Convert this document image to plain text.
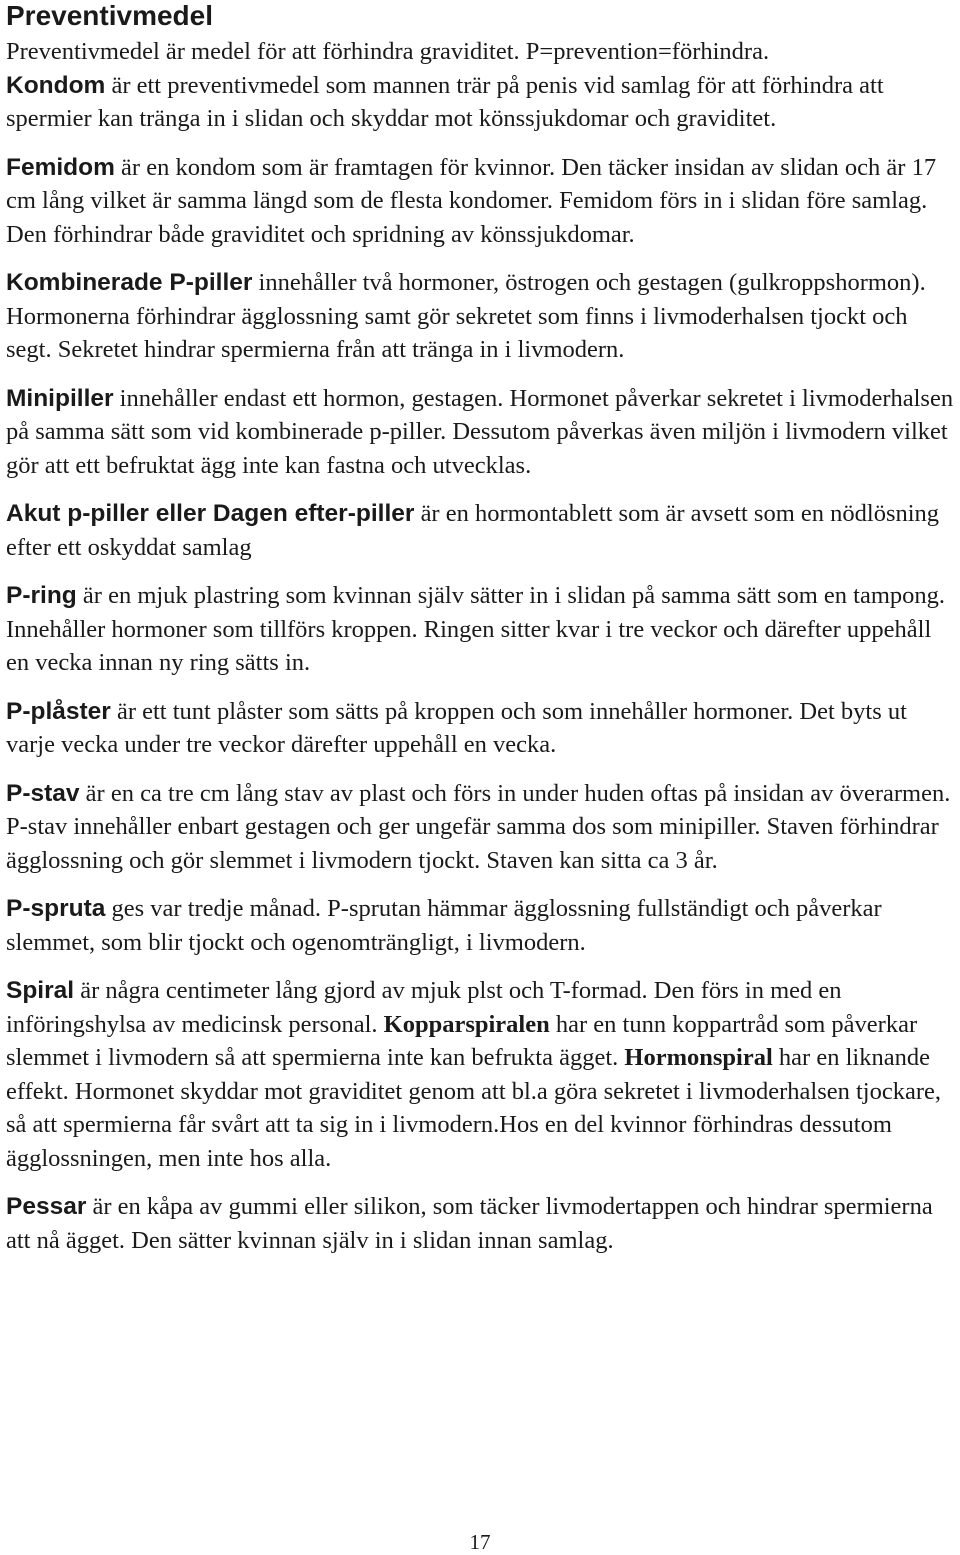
Preventivmedel

Preventivmedel är medel för att förhindra graviditet. P=prevention=förhindra.

Kondom är ett preventivmedel som mannen trär på penis vid samlag för att förhindra att spermier kan tränga in i slidan och skyddar mot könssjukdomar och graviditet.

Femidom är en kondom som är framtagen för kvinnor. Den täcker insidan av slidan och är 17 cm lång vilket är samma längd som de flesta kondomer. Femidom förs in i slidan före samlag. Den förhindrar både graviditet och spridning av könssjukdomar.

Kombinerade P-piller innehåller två hormoner, östrogen och gestagen (gulkroppshormon). Hormonerna förhindrar ägglossning samt gör sekretet som finns i livmoderhalsen tjockt och segt. Sekretet hindrar spermierna från att tränga in i livmodern.

Minipiller innehåller endast ett hormon, gestagen. Hormonet påverkar sekretet i livmoderhalsen på samma sätt som vid kombinerade p-piller. Dessutom påverkas även miljön i livmodern vilket gör att ett befruktat ägg inte kan fastna och utvecklas.

Akut p-piller eller Dagen efter-piller är en hormontablett som är avsett som en nödlösning efter ett oskyddat samlag

P-ring är en mjuk plastring som kvinnan själv sätter in i slidan på samma sätt som en tampong. Innehåller hormoner som tillförs kroppen. Ringen sitter kvar i tre veckor och därefter uppehåll en vecka innan ny ring sätts in.

P-plåster är ett tunt plåster som sätts på kroppen och som innehåller hormoner. Det byts ut varje vecka under tre veckor därefter uppehåll en vecka.

P-stav är en ca tre cm lång stav av plast och förs in under huden oftas på insidan av överarmen. P-stav innehåller enbart gestagen och ger ungefär samma dos som minipiller. Staven förhindrar ägglossning och gör slemmet i livmodern tjockt. Staven kan sitta ca 3 år.

P-spruta ges var tredje månad. P-sprutan hämmar ägglossning fullständigt och påverkar slemmet, som blir tjockt och ogenomträngligt, i livmodern.

Spiral är några centimeter lång gjord av mjuk plst och T-formad. Den förs in med en införingshylsa av medicinsk personal. Kopparspiralen har en tunn koppartråd som påverkar slemmet i livmodern så att spermierna inte kan befrukta ägget. Hormonspiral har en liknande effekt. Hormonet skyddar mot graviditet genom att bl.a göra sekretet i livmoderhalsen tjockare, så att spermierna får svårt att ta sig in i livmodern.Hos en del kvinnor förhindras dessutom ägglossningen, men inte hos alla.

Pessar är en kåpa av gummi eller silikon, som täcker livmodertappen och hindrar spermierna att nå ägget. Den sätter kvinnan själv in i slidan innan samlag.

17
